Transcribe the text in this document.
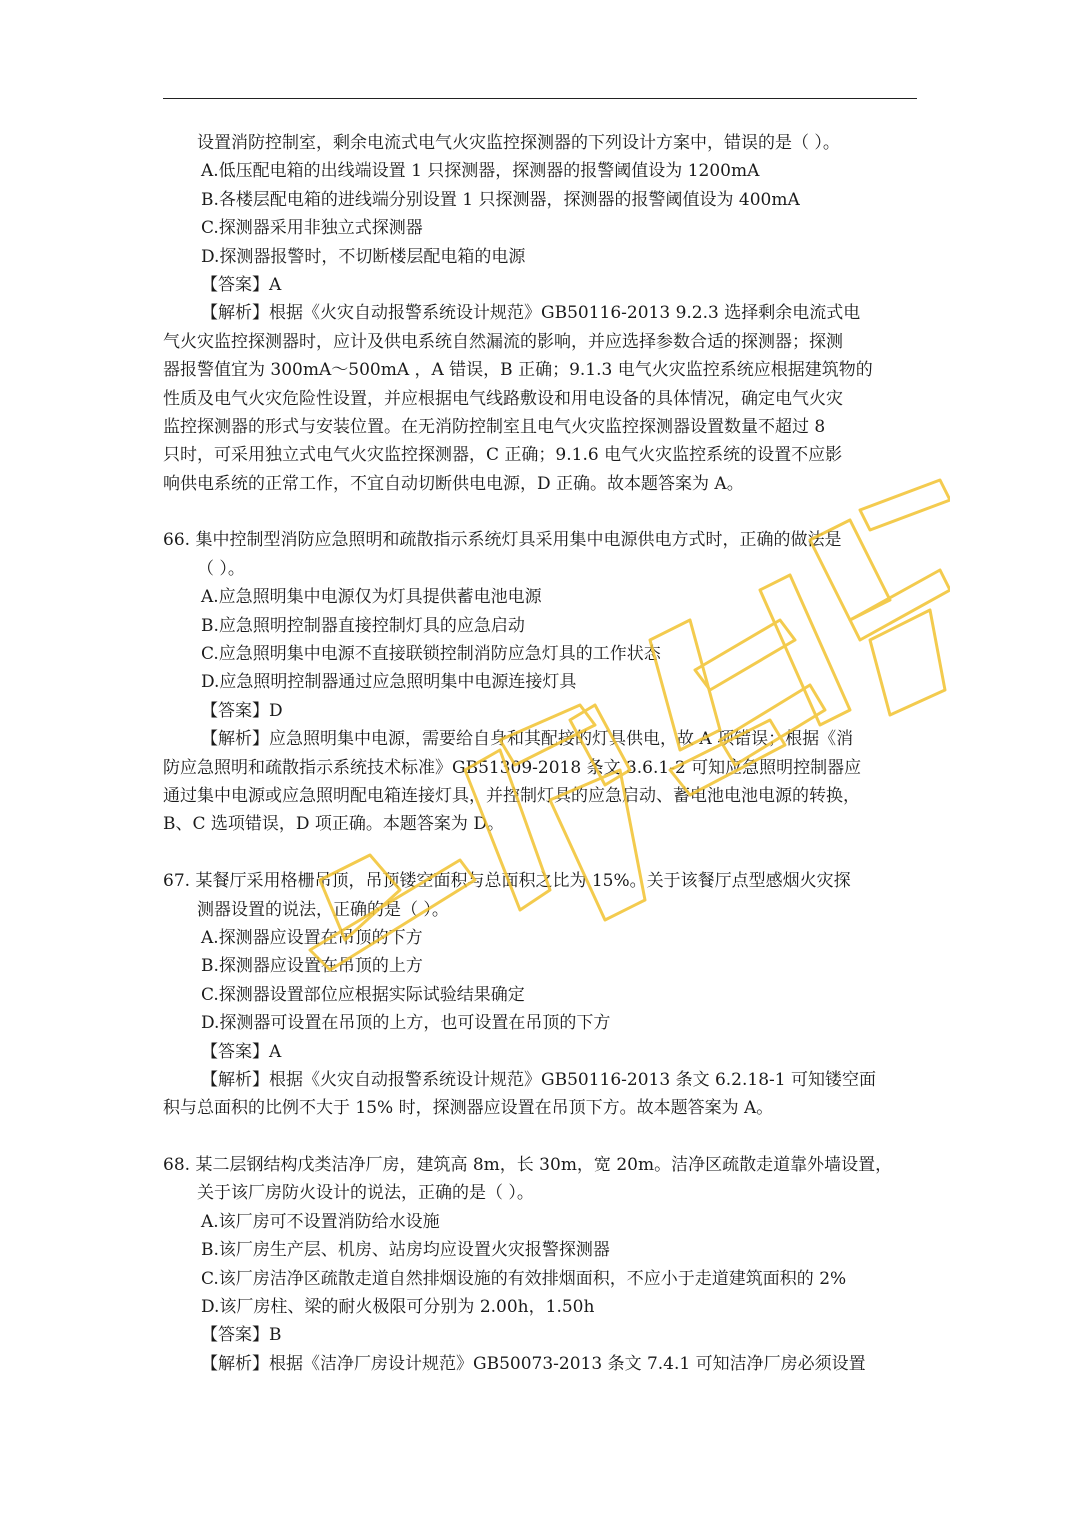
设置消防控制室，剩余电流式电气火灾监控探测器的下列设计方案中，错误的是（ ）。
A.低压配电箱的出线端设置 1 只探测器，探测器的报警阈值设为 1200mA
B.各楼层配电箱的进线端分别设置 1 只探测器，探测器的报警阈值设为 400mA
C.探测器采用非独立式探测器
D.探测器报警时，不切断楼层配电箱的电源
【答案】A
【解析】根据《火灾自动报警系统设计规范》GB50116-2013 9.2.3 选择剩余电流式电
气火灾监控探测器时，应计及供电系统自然漏流的影响，并应选择参数合适的探测器；探测
器报警值宜为 300mA～500mA ，A 错误，B 正确；9.1.3 电气火灾监控系统应根据建筑物的
性质及电气火灾危险性设置，并应根据电气线路敷设和用电设备的具体情况，确定电气火灾
监控探测器的形式与安装位置。在无消防控制室且电气火灾监控探测器设置数量不超过 8
只时，可采用独立式电气火灾监控探测器，C 正确；9.1.6 电气火灾监控系统的设置不应影
响供电系统的正常工作，不宜自动切断供电电源，D 正确。故本题答案为 A。
66. 集中控制型消防应急照明和疏散指示系统灯具采用集中电源供电方式时，正确的做法是
（ ）。
A.应急照明集中电源仅为灯具提供蓄电池电源
B.应急照明控制器直接控制灯具的应急启动
C.应急照明集中电源不直接联锁控制消防应急灯具的工作状态
D.应急照明控制器通过应急照明集中电源连接灯具
【答案】D
【解析】应急照明集中电源，需要给自身和其配接的灯具供电，故 A 项错误；根据《消
防应急照明和疏散指示系统技术标准》GB51309-2018 条文 3.6.1-2 可知应急照明控制器应
通过集中电源或应急照明配电箱连接灯具，并控制灯具的应急启动、蓄电池电池电源的转换，
B、C 选项错误，D 项正确。本题答案为 D。
67. 某餐厅采用格栅吊顶，吊顶镂空面积与总面积之比为 15%。关于该餐厅点型感烟火灾探
测器设置的说法，正确的是（ ）。
A.探测器应设置在吊顶的下方
B.探测器应设置在吊顶的上方
C.探测器设置部位应根据实际试验结果确定
D.探测器可设置在吊顶的上方，也可设置在吊顶的下方
【答案】A
【解析】根据《火灾自动报警系统设计规范》GB50116-2013 条文 6.2.18-1 可知镂空面
积与总面积的比例不大于 15% 时，探测器应设置在吊顶下方。故本题答案为 A。
68. 某二层钢结构戊类洁净厂房，建筑高 8m，长 30m，宽 20m。洁净区疏散走道靠外墙设置，
关于该厂房防火设计的说法，正确的是（ ）。
A.该厂房可不设置消防给水设施
B.该厂房生产层、机房、站房均应设置火灾报警探测器
C.该厂房洁净区疏散走道自然排烟设施的有效排烟面积，不应小于走道建筑面积的 2%
D.该厂房柱、梁的耐火极限可分别为 2.00h，1.50h
【答案】B
【解析】根据《洁净厂房设计规范》GB50073-2013 条文 7.4.1 可知洁净厂房必须设置
